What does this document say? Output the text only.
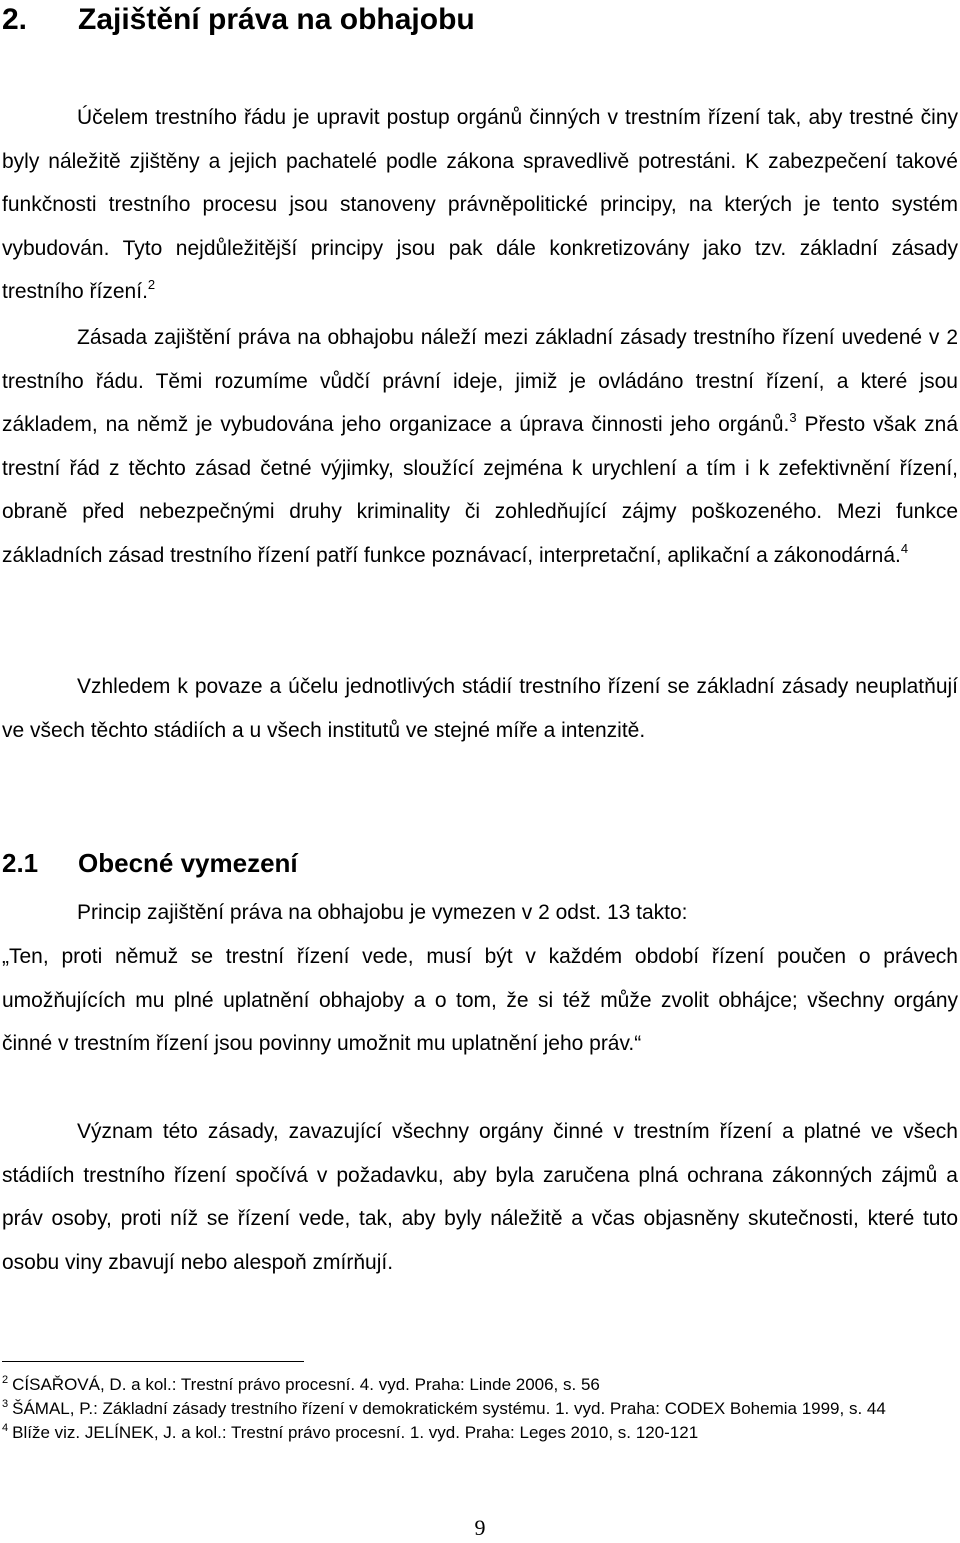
2. Zajištění práva na obhajobu

Účelem trestního řádu je upravit postup orgánů činných v trestním řízení tak, aby trestné činy byly náležitě zjištěny a jejich pachatelé podle zákona spravedlivě potrestáni. K zabezpečení takové funkčnosti trestního procesu jsou stanoveny právněpolitické principy, na kterých je tento systém vybudován. Tyto nejdůležitější principy jsou pak dále konkretizovány jako tzv. základní zásady trestního řízení.$^2$

Zásada zajištění práva na obhajobu náleží mezi základní zásady trestního řízení uvedené v 2 trestního řádu. Těmi rozumíme vůdčí právní ideje, jimiž je ovládáno trestní řízení, a které jsou základem, na němž je vybudována jeho organizace a úprava činnosti jeho orgánů.$^3$ Přesto však zná trestní řád z těchto zásad četné výjimky, sloužící zejména k urychlení a tím i k zefektivnění řízení, obraně před nebezpečnými druhy kriminality či zohledňující zájmy poškozeného. Mezi funkce základních zásad trestního řízení patří funkce poznávací, interpretační, aplikační a zákonodárná.$^4$

Vzhledem k povaze a účelu jednotlivých stádií trestního řízení se základní zásady neuplatňují ve všech těchto stádiích a u všech institutů ve stejné míře a intenzitě.

2.1 Obecné vymezení

Princip zajištění práva na obhajobu je vymezen v 2 odst. 13 takto:

„Ten, proti němuž se trestní řízení vede, musí být v každém období řízení poučen o právech umožňujících mu plné uplatnění obhajoby a o tom, že si též může zvolit obhájce; všechny orgány činné v trestním řízení jsou povinny umožnit mu uplatnění jeho práv.“

Význam této zásady, zavazující všechny orgány činné v trestním řízení a platné ve všech stádiích trestního řízení spočívá v požadavku, aby byla zaručena plná ochrana zákonných zájmů a práv osoby, proti níž se řízení vede, tak, aby byly náležitě a včas objasněny skutečnosti, které tuto osobu viny zbavují nebo alespoň zmírňují.

$^2$ CÍSAŘOVÁ, D. a kol.: Trestní právo procesní. 4. vyd. Praha: Linde 2006, s. 56

$^3$ ŠÁMAL, P.: Základní zásady trestního řízení v demokratickém systému. 1. vyd. Praha: CODEX Bohemia 1999, s. 44

$^4$ Blíže viz. JELÍNEK, J. a kol.: Trestní právo procesní. 1. vyd. Praha: Leges 2010, s. 120-121

9
